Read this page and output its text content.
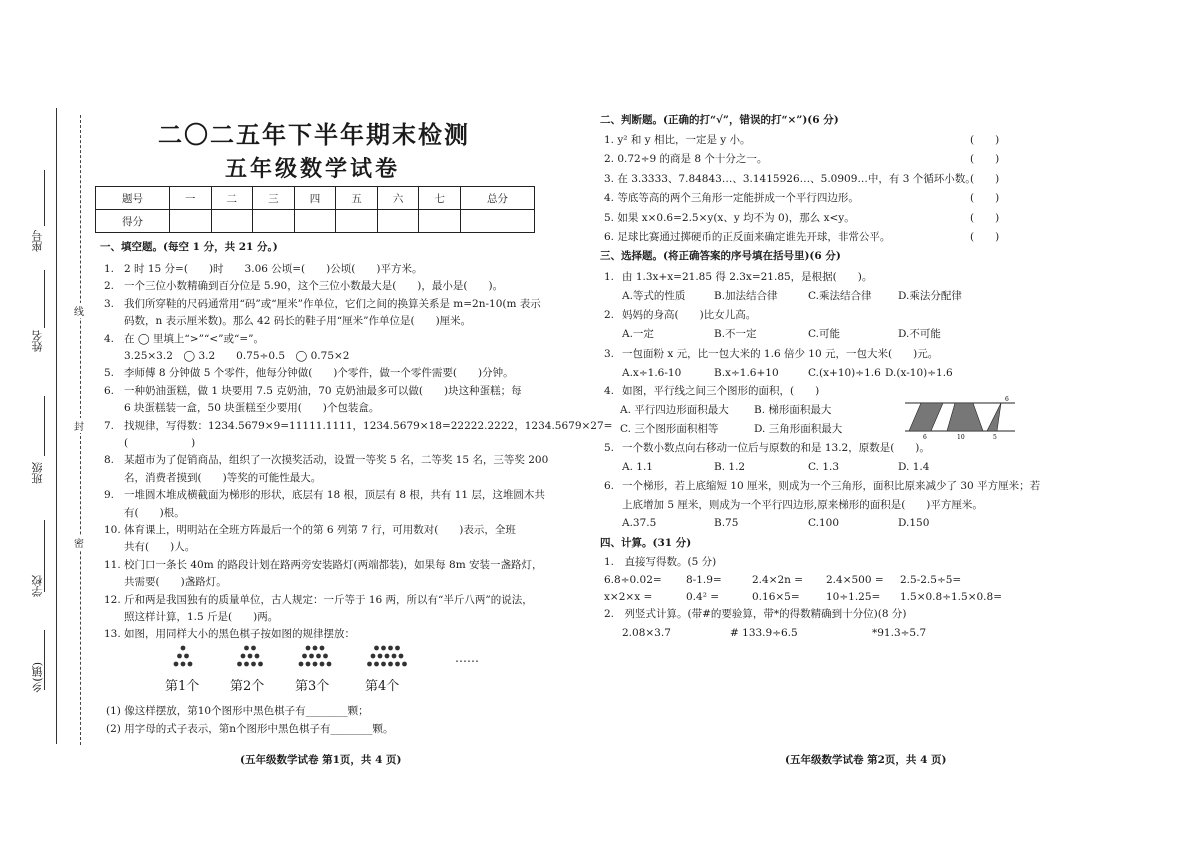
乡(镇)
学校
班级
姓名
座号
密
封
线
二〇二五年下半年期末检测
五年级数学试卷
题号	一	二	三	四	五	六	七	总分
得分								
一、填空题。(每空 1 分，共 21 分。)
1. 2 时 15 分=(　　)时　　3.06 公顷=(　　)公顷(　　)平方米。
2. 一个三位小数精确到百分位是 5.90，这个三位小数最大是(　　)，最小是(　　)。
3. 我们所穿鞋的尺码通常用“码”或“厘米”作单位，它们之间的换算关系是 m=2n-10(m 表示
码数，n 表示厘米数)。那么 42 码长的鞋子用“厘米”作单位是(　　)厘米。
4. 在 ◯ 里填上“>”“<”或“=”。
3.25×3.2　◯ 3.2　　0.75÷0.5　◯ 0.75×2
5. 李师傅 8 分钟做 5 个零件，他每分钟做(　　)个零件，做一个零件需要(　　)分钟。
6. 一种奶油蛋糕，做 1 块要用 7.5 克奶油，70 克奶油最多可以做(　　)块这种蛋糕；每
6 块蛋糕装一盒，50 块蛋糕至少要用(　　)个包装盒。
7. 找规律，写得数：1234.5679×9=11111.1111，1234.5679×18=22222.2222，1234.5679×27=
(　　　　　　)
8. 某超市为了促销商品，组织了一次摸奖活动，设置一等奖 5 名，二等奖 15 名，三等奖 200
名，消费者摸到(　　)等奖的可能性最大。
9. 一堆圆木堆成横截面为梯形的形状，底层有 18 根，顶层有 8 根，共有 11 层，这堆圆木共
有(　　)根。
10. 体育课上，明明站在全班方阵最后一个的第 6 列第 7 行，可用数对(　　)表示，全班
共有(　　)人。
11. 校门口一条长 40m 的路段计划在路两旁安装路灯(两端都装)，如果每 8m 安装一盏路灯，
共需要(　　)盏路灯。
12. 斤和两是我国独有的质量单位，古人规定：一斤等于 16 两，所以有“半斤八两”的说法，
照这样计算，1.5 斤是(　　)两。
13. 如图，用同样大小的黑色棋子按如图的规律摆放：
……
第1个 第2个 第3个	第4个
(1) 像这样摆放，第10个图形中黑色棋子有________颗；
(2) 用字母的式子表示，第n个图形中黑色棋子有________颗。
(五年级数学试卷 第1页，共 4 页)
二、判断题。(正确的打“√”，错误的打“×”)(6 分)
1. y² 和 y 相比，一定是 y 小。	(　　)
2. 0.72÷9 的商是 8 个十分之一。	(　　)
3. 在 3.3333、7.84843…、3.1415926…、5.0909…中，有 3 个循环小数。
(　　)
4. 等底等高的两个三角形一定能拼成一个平行四边形。	(　　)
5. 如果 x×0.6=2.5×y(x、y 均不为 0)，那么 x<y。	(　　)
6. 足球比赛通过掷硬币的正反面来确定谁先开球，非常公平。	(　　)
三、选择题。(将正确答案的序号填在括号里)(6 分)
1. 由 1.3x+x=21.85 得 2.3x=21.85，是根据(　　)。
A.等式的性质	B.加法结合律	C.乘法结合律	D.乘法分配律
2. 妈妈的身高(　　)比女儿高。
A.一定	B.不一定	C.可能	D.不可能
3. 一包面粉 x 元，比一包大米的 1.6 倍少 10 元，一包大米(　　)元。
A.x÷1.6-10	B.x÷1.6+10	C.(x+10)÷1.6 D.(x-10)÷1.6
4. 如图，平行线之间三个图形的面积，(　　)
A. 平行四边形面积最大 B. 梯形面积最大
C. 三个图形面积相等	D. 三角形面积最大
5. 一个数小数点向右移动一位后与原数的和是 13.2，原数是(　　)。
A. 1.1	B. 1.2	C. 1.3	D. 1.4
6. 一个梯形，若上底缩短 10 厘米，则成为一个三角形，面积比原来减少了 30 平方厘米；若
上底增加 5 厘米，则成为一个平行四边形,原来梯形的面积是(　　)平方厘米。
A.37.5	B.75	C.100	D.150
6
10	5
6
四、计算。(31 分)
1.　直接写得数。(5 分)
6.8÷0.02= 8-1.9=	2.4×2n = 2.4×500 = 2.5-2.5÷5=
x×2×x =	0.4² =	0.16×5=	10÷1.25= 1.5×0.8÷1.5×0.8=
2.　列竖式计算。(带#的要验算，带*的得数精确到十分位)(8 分)
2.08×3.7	# 133.9÷6.5	*91.3÷5.7
(五年级数学试卷 第2页，共 4 页)
